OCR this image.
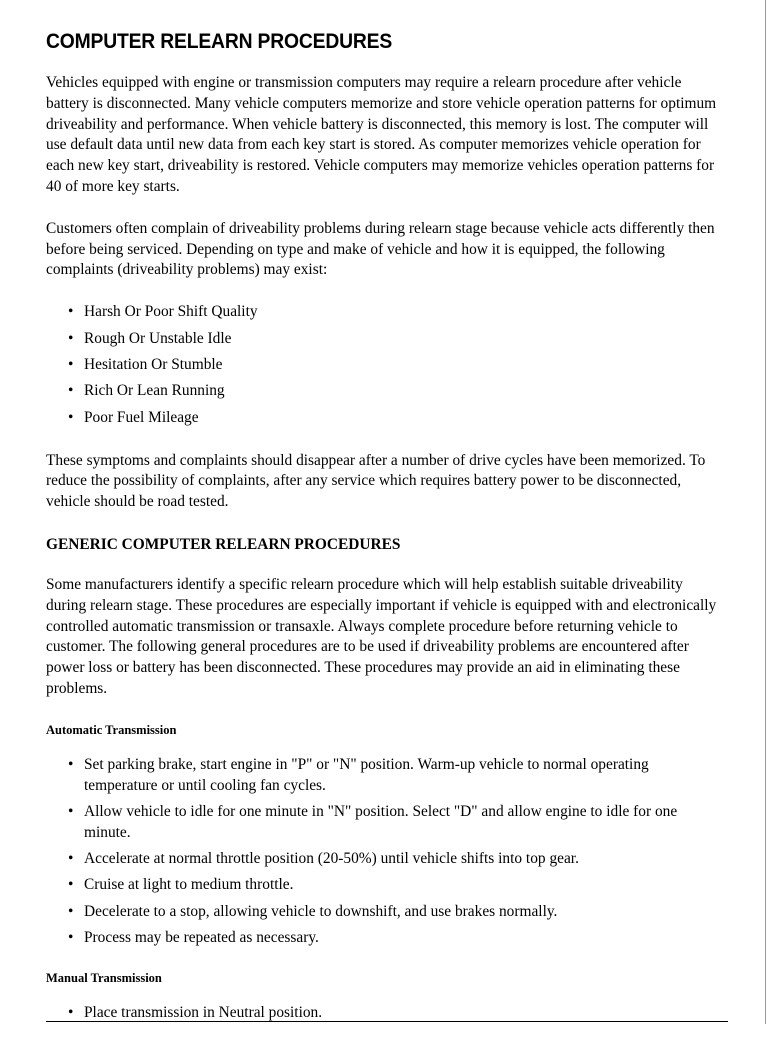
COMPUTER RELEARN PROCEDURES

Vehicles equipped with engine or transmission computers may require a relearn procedure after vehicle battery is disconnected. Many vehicle computers memorize and store vehicle operation patterns for optimum driveability and performance. When vehicle battery is disconnected, this memory is lost. The computer will use default data until new data from each key start is stored. As computer memorizes vehicle operation for each new key start, driveability is restored. Vehicle computers may memorize vehicles operation patterns for 40 of more key starts.

Customers often complain of driveability problems during relearn stage because vehicle acts differently then before being serviced. Depending on type and make of vehicle and how it is equipped, the following complaints (driveability problems) may exist:

• Harsh Or Poor Shift Quality
• Rough Or Unstable Idle
• Hesitation Or Stumble
• Rich Or Lean Running
• Poor Fuel Mileage

These symptoms and complaints should disappear after a number of drive cycles have been memorized. To reduce the possibility of complaints, after any service which requires battery power to be disconnected, vehicle should be road tested.

GENERIC COMPUTER RELEARN PROCEDURES

Some manufacturers identify a specific relearn procedure which will help establish suitable driveability during relearn stage. These procedures are especially important if vehicle is equipped with and electronically controlled automatic transmission or transaxle. Always complete procedure before returning vehicle to customer. The following general procedures are to be used if driveability problems are encountered after power loss or battery has been disconnected. These procedures may provide an aid in eliminating these problems.

Automatic Transmission
• Set parking brake, start engine in "P" or "N" position. Warm-up vehicle to normal operating temperature or until cooling fan cycles.
• Allow vehicle to idle for one minute in "N" position. Select "D" and allow engine to idle for one minute.
• Accelerate at normal throttle position (20-50%) until vehicle shifts into top gear.
• Cruise at light to medium throttle.
• Decelerate to a stop, allowing vehicle to downshift, and use brakes normally.
• Process may be repeated as necessary.
Manual Transmission
• Place transmission in Neutral position.
